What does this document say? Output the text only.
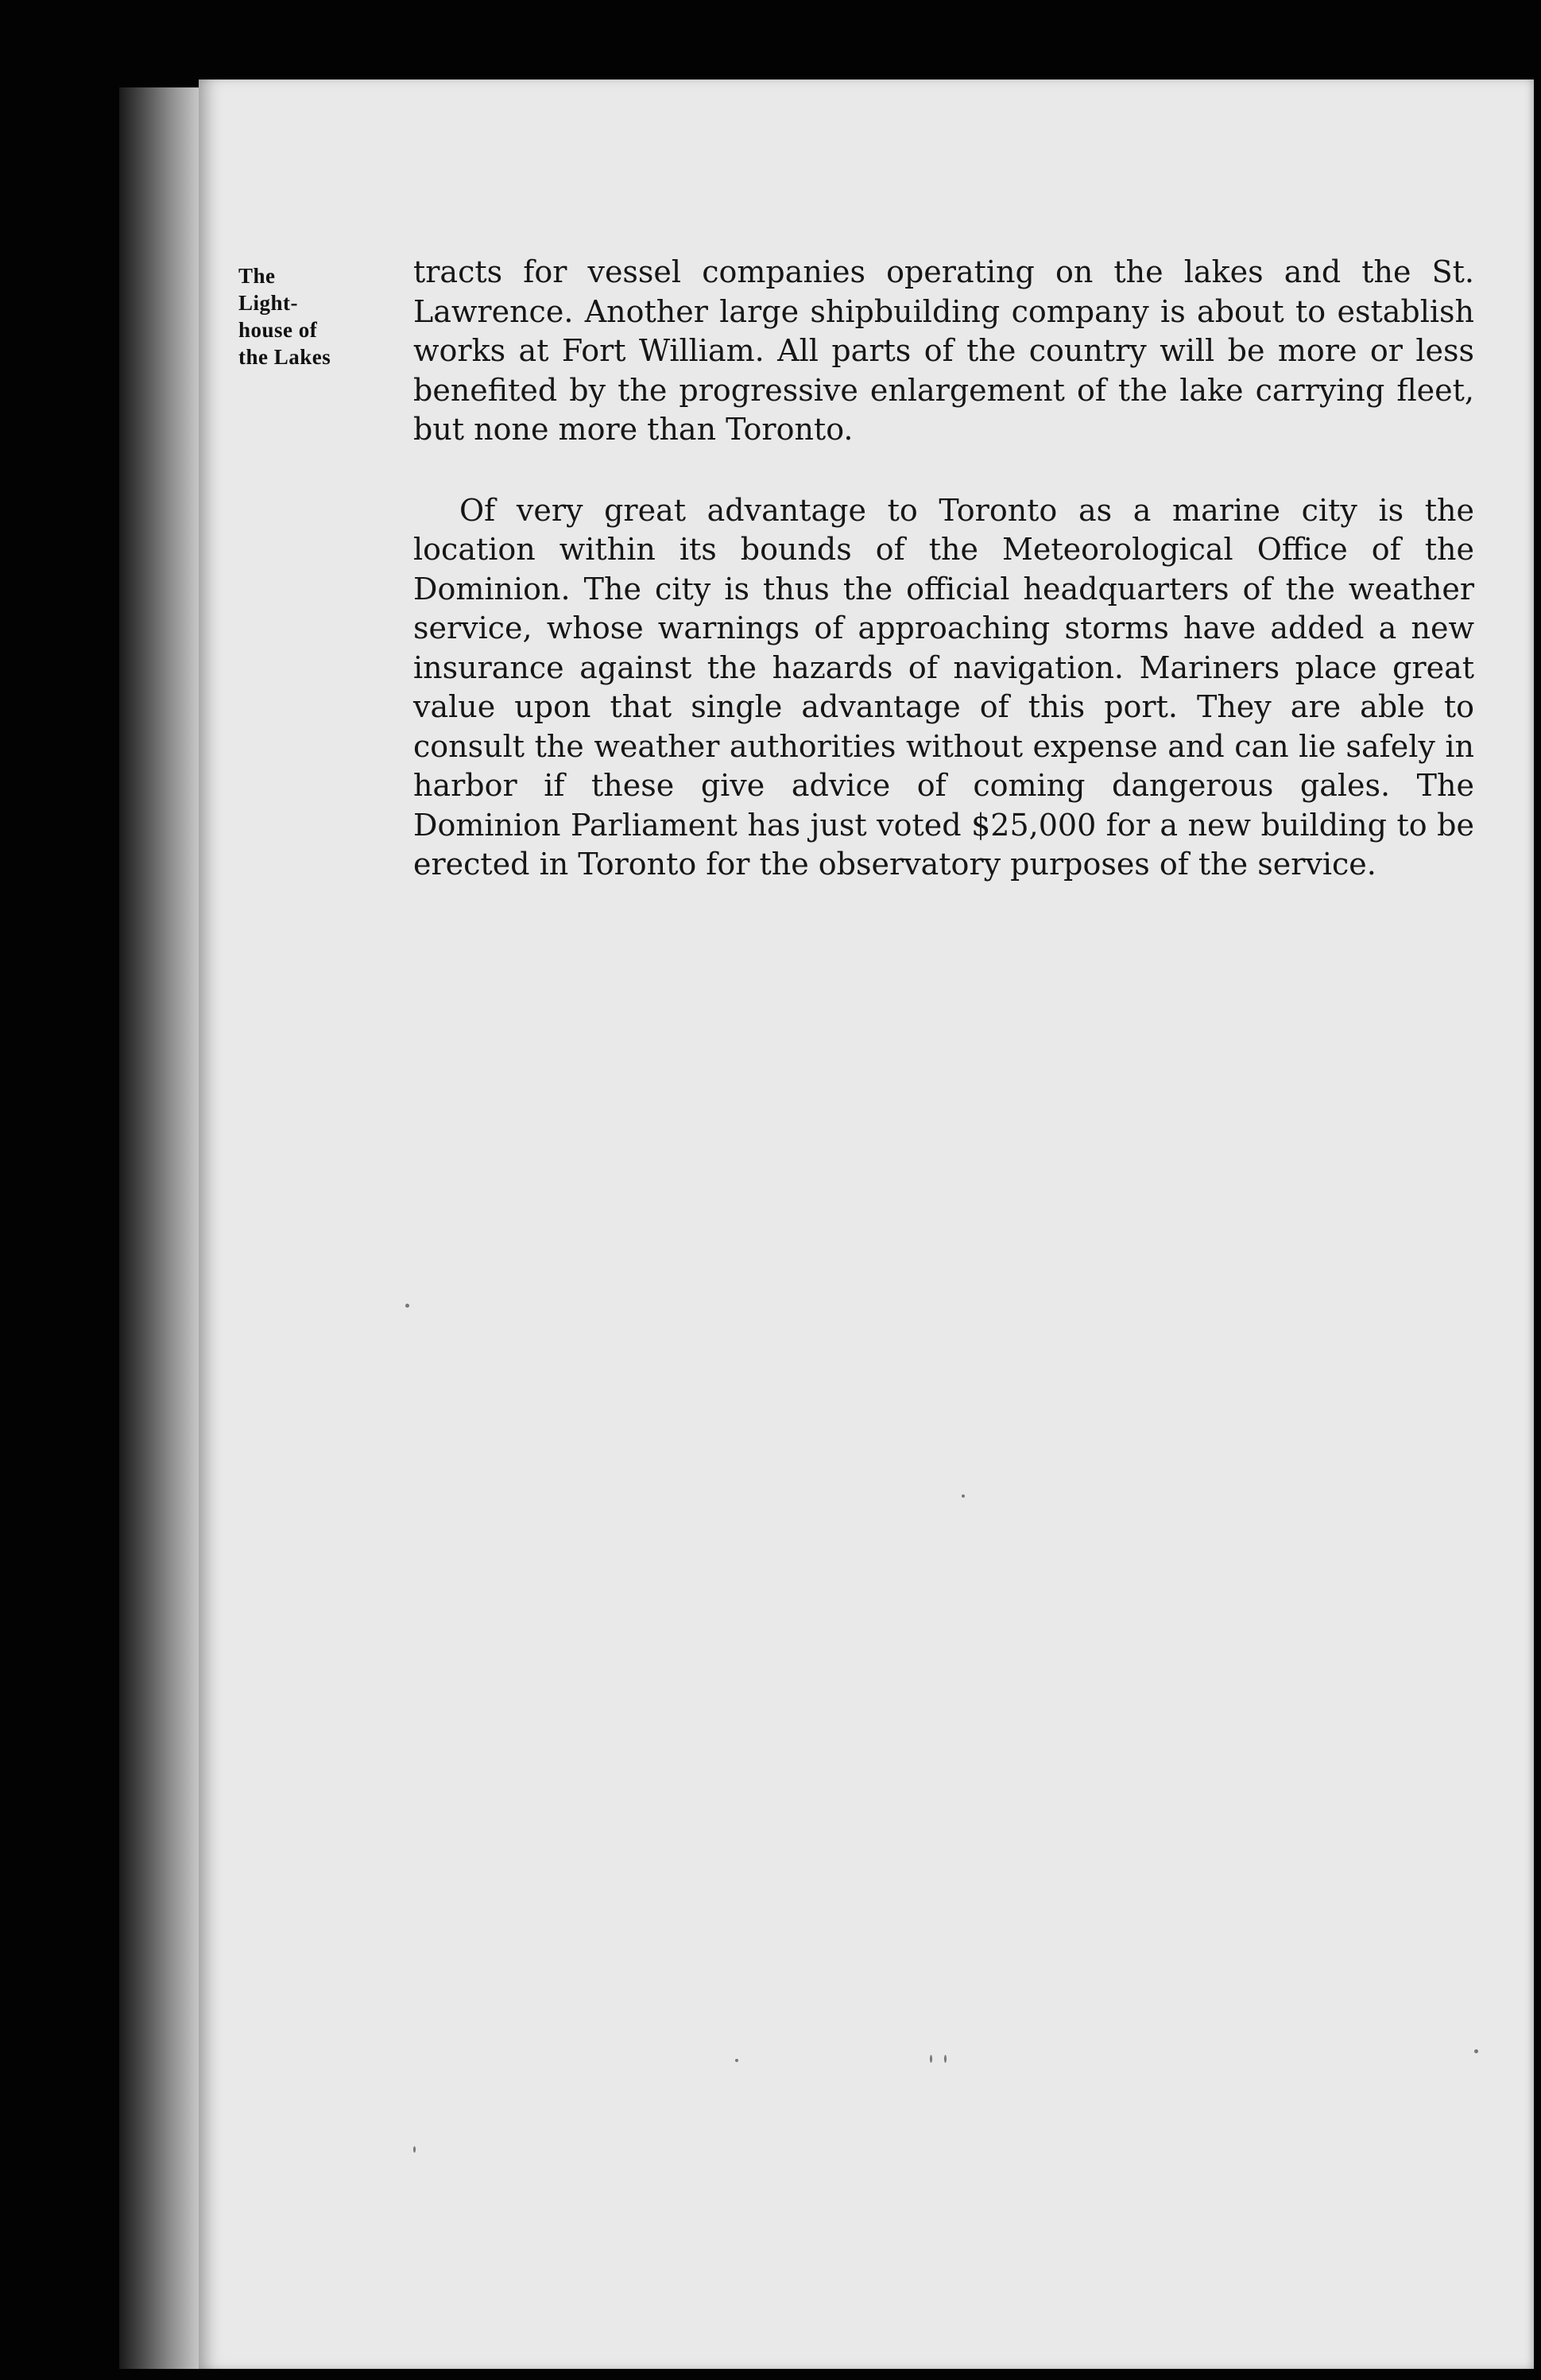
The
Light-
house of
the Lakes

tracts for vessel companies operating on the lakes and the St. Lawrence. Another large shipbuilding company is about to establish works at Fort William. All parts of the country will be more or less benefited by the progressive enlargement of the lake carrying fleet, but none more than Toronto.

Of very great advantage to Toronto as a marine city is the location within its bounds of the Meteorological Office of the Dominion. The city is thus the official headquarters of the weather service, whose warnings of approaching storms have added a new insurance against the hazards of navigation. Mariners place great value upon that single advantage of this port. They are able to consult the weather authorities without expense and can lie safely in harbor if these give advice of coming dangerous gales. The Dominion Parliament has just voted $25,000 for a new building to be erected in Toronto for the observatory purposes of the service.
